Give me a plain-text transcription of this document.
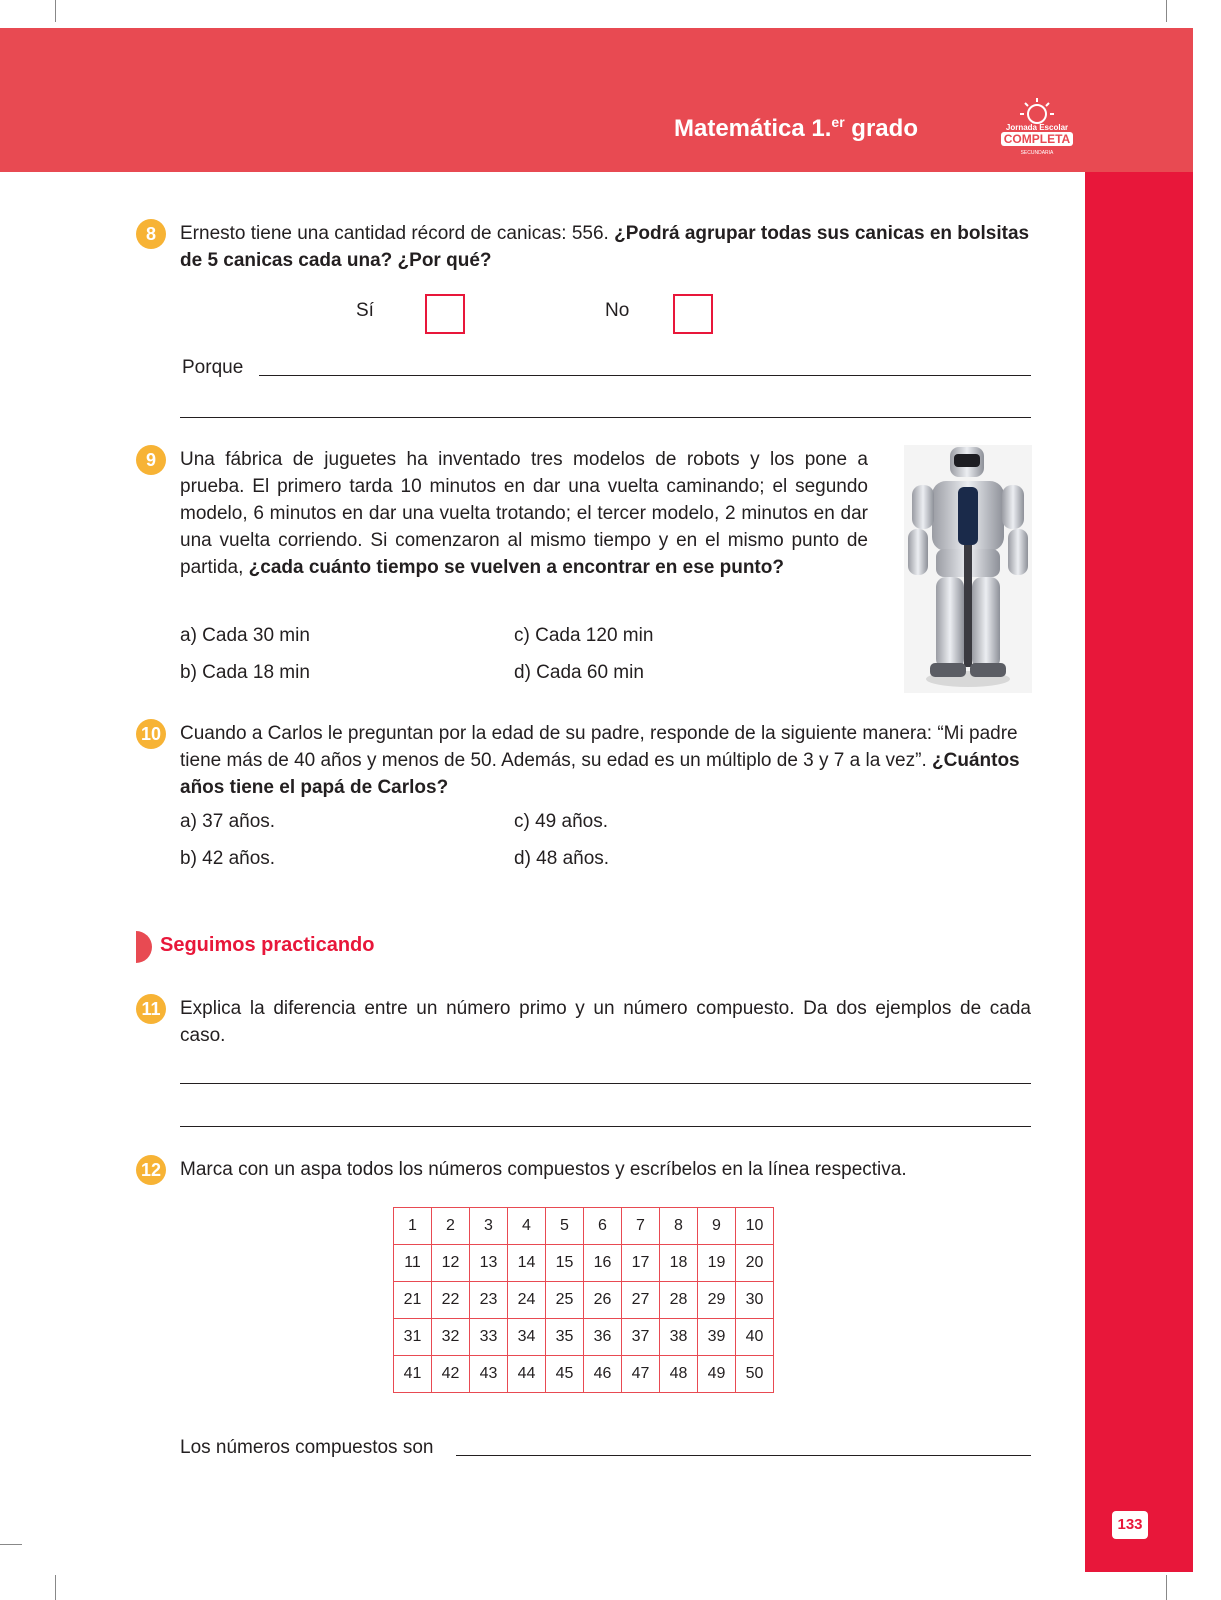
Matemática 1.$^{er}$ grado	Jornada Escolar
COMPLETA
SECUNDARIA
133
8	Ernesto tiene una cantidad récord de canicas: 556. ¿Podrá agrupar todas sus canicas en bolsitas de 5 canicas cada una? ¿Por qué?
Sí	No
Porque
9	Una fábrica de juguetes ha inventado tres modelos de robots y los pone a prueba. El primero tarda 10 minutos en dar una vuelta caminando; el segundo modelo, 6 minutos en dar una vuelta trotando; el tercer modelo, 2 minutos en dar una vuelta corriendo. Si comenzaron al mismo tiempo y en el mismo punto de partida, ¿cada cuánto tiempo se vuelven a encontrar en ese punto?
a) Cada 30 min
b) Cada 18 min
c) Cada 120 min
d) Cada 60 min
10 Cuando a Carlos le preguntan por la edad de su padre, responde de la siguiente manera: “Mi padre tiene más de 40 años y menos de 50. Además, su edad es un múltiplo de 3 y 7 a la vez”. ¿Cuántos años tiene el papá de Carlos?
a) 37 años.
b) 42 años.
c) 49 años.
d) 48 años.
Seguimos practicando
11 Explica la diferencia entre un número primo y un número compuesto. Da dos ejemplos de cada caso.
12 Marca con un aspa todos los números compuestos y escríbelos en la línea respectiva.
1	2	3	4	5	6	7	8	9	10
11	12	13	14	15	16	17	18	19	20
21	22	23	24	25	26	27	28	29	30
31	32	33	34	35	36	37	38	39	40
41	42	43	44	45	46	47	48	49	50
Los números compuestos son
